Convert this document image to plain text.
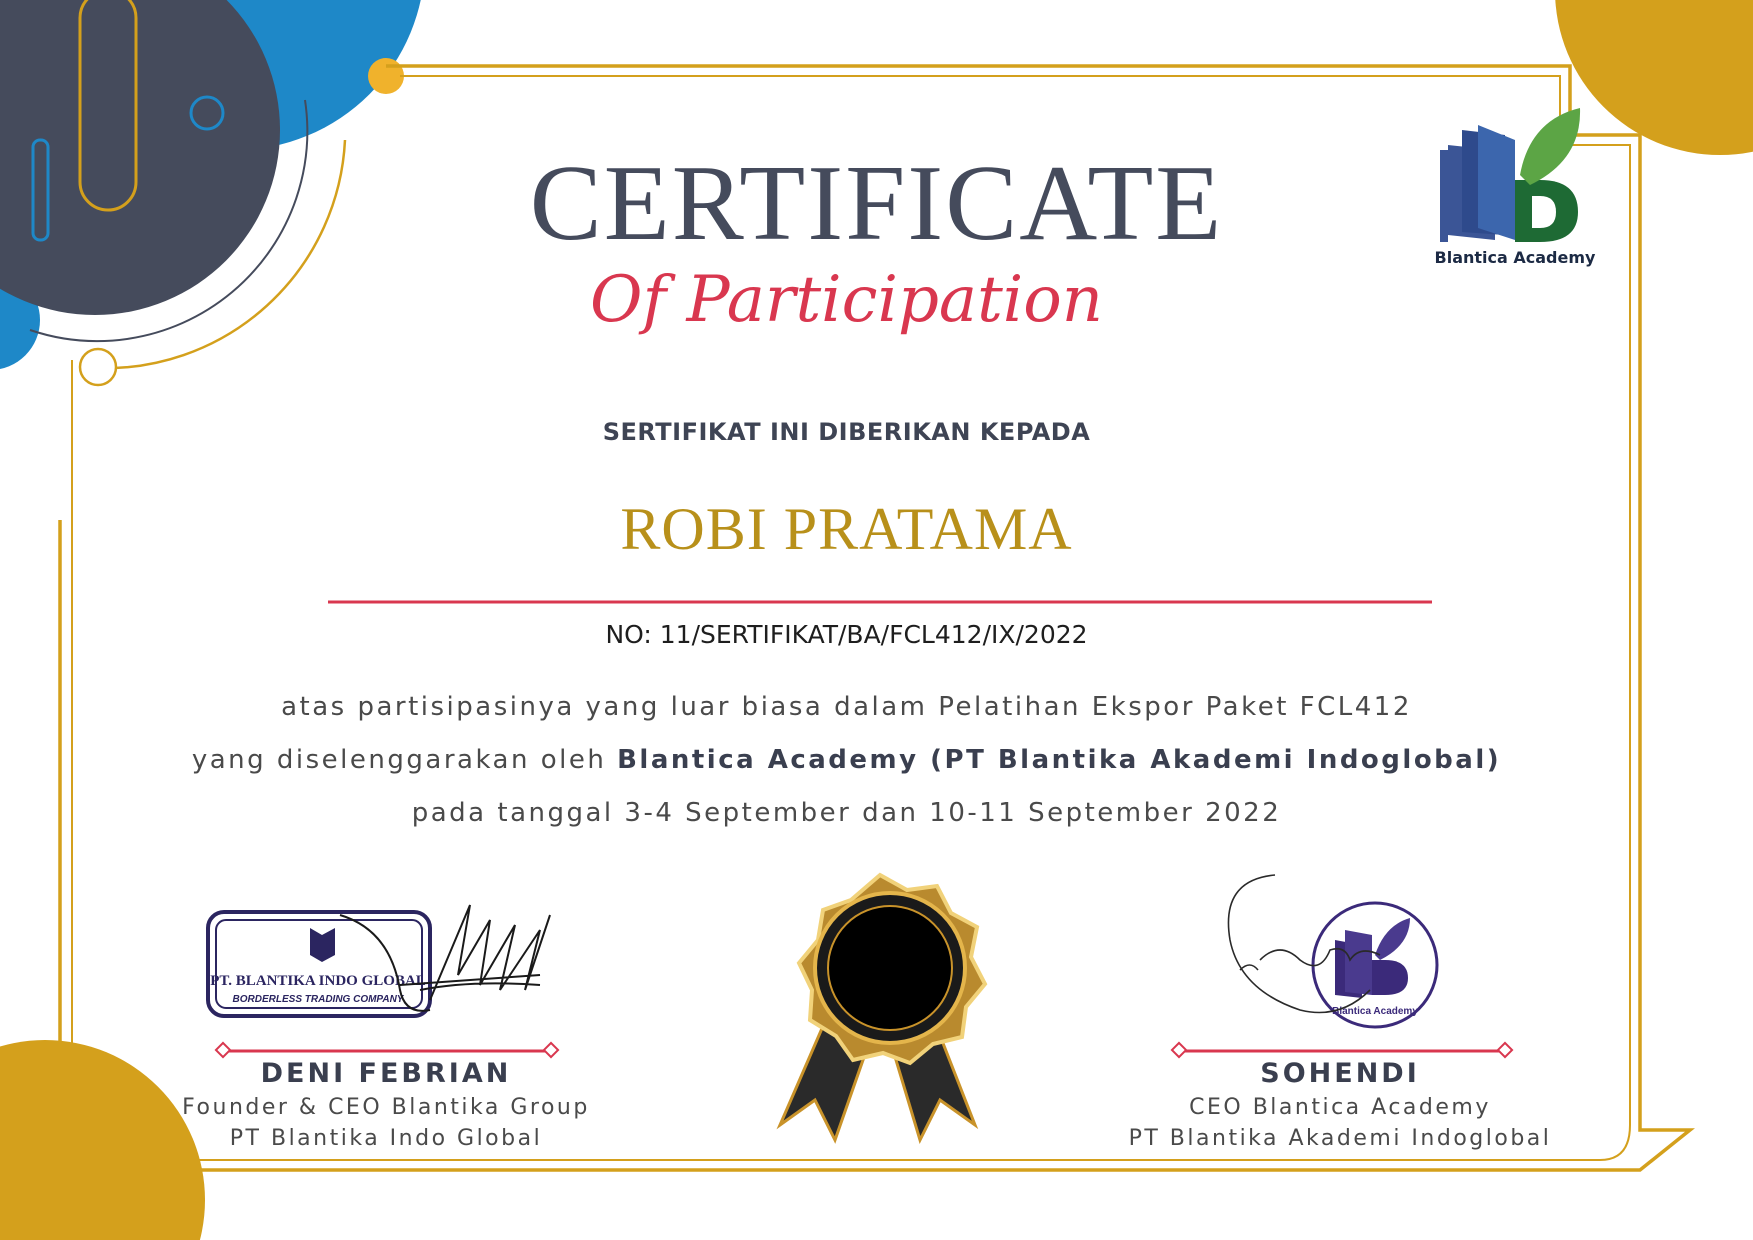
PT. BLANTIKA INDO GLOBAL
BORDERLESS TRADING COMPANY
Blantica Academy
CERTIFICATE
Of Participation
SERTIFIKAT INI DIBERIKAN KEPADA
ROBI PRATAMA
NO: 11/SERTIFIKAT/BA/FCL412/IX/2022
atas partisipasinya yang luar biasa dalam Pelatihan Ekspor Paket FCL412
yang diselenggarakan oleh Blantica Academy (PT Blantika Akademi Indoglobal)
pada tanggal 3-4 September dan 10-11 September 2022
Blantica Academy
DENI FEBRIAN
Founder & CEO Blantika Group
PT Blantika Indo Global
SOHENDI
CEO Blantica Academy
PT Blantika Akademi Indoglobal
